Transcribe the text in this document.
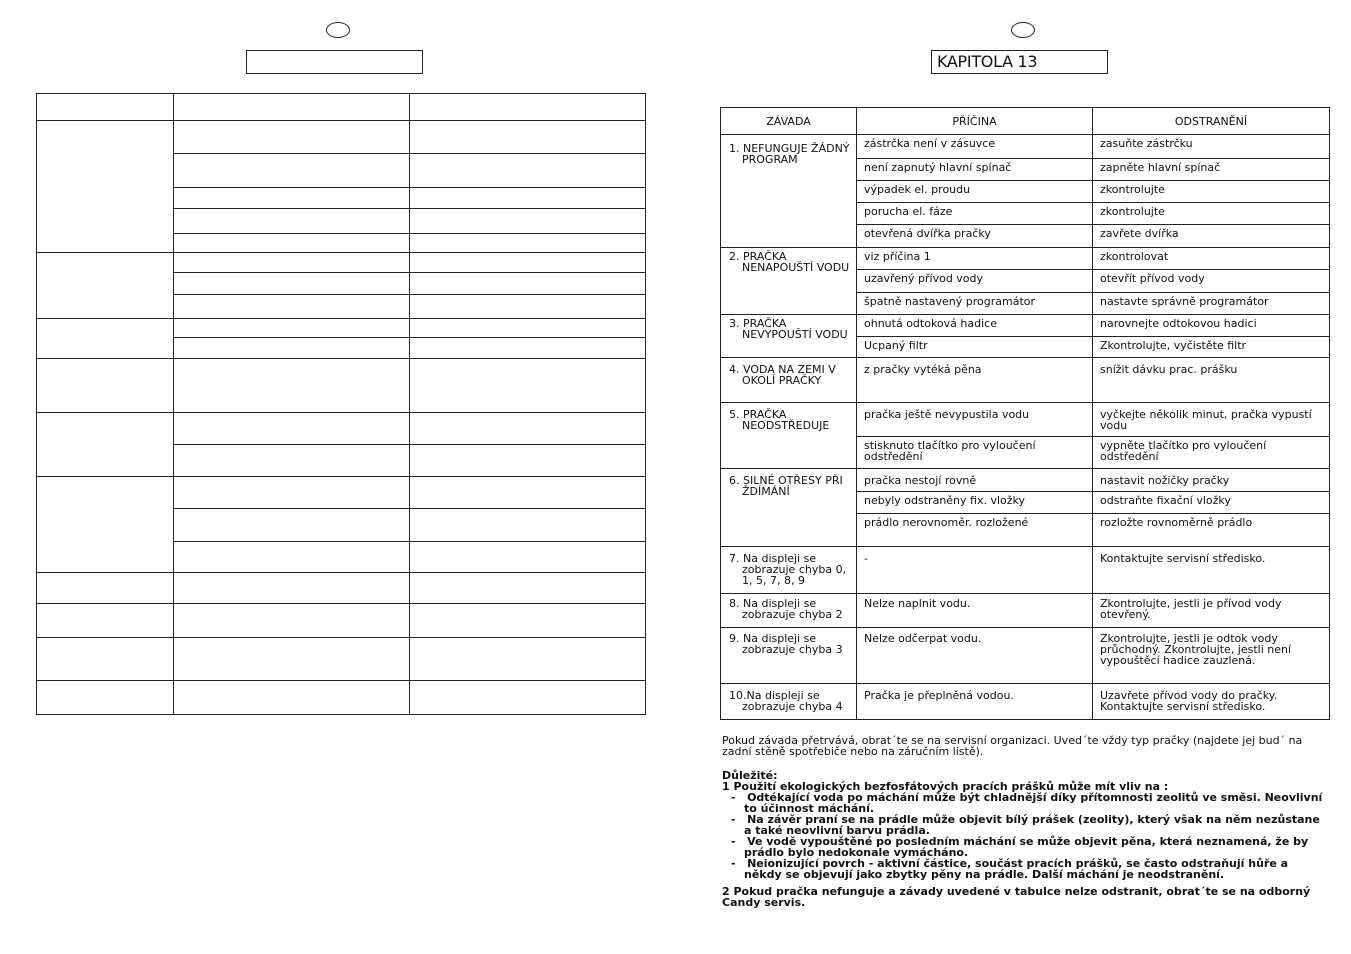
KAPITOLA 13
ZÁVADA	PŘÍČINA	ODSTRANĚNÍ

1. NEFUNGUJE ŽÁDNÝ PROGRAM	zástrčka není v zásuvce	zasuňte zástrčku
	není zapnutý hlavní spínač	zapněte hlavní spínač
	výpadek el. proudu	zkontrolujte
	porucha el. fáze	zkontrolujte
	otevřená dvířka pračky	zavřete dvířka

2. PRAČKA NENAPOUŠTÍ VODU	viz příčina 1	zkontrolovat
	uzavřený přívod vody	otevřít přívod vody
	špatně nastavený programátor	nastavte správně programátor

3. PRAČKA NEVYPOUŠTÍ VODU	ohnutá odtoková hadice	narovnejte odtokovou hadici
	Ucpaný filtr	Zkontrolujte, vyčistěte filtr

4. VODA NA ZEMI V OKOLÍ PRAČKY	z pračky vytéká pěna	snížit dávku prac. prášku

5. PRAČKA NEODSTŘEDUJE	pračka ještě nevypustila vodu	vyčkejte několik minut, pračka vypustí vodu
	stisknuto tlačítko pro vyloučení odstředění	vypněte tlačítko pro vyloučení odstředění

6. SILNÉ OTŘESY PŘI ŽDÍMÁNÍ	pračka nestojí rovně	nastavit nožičky pračky
	nebyly odstraněny fix. vložky	odstraňte fixační vložky
	prádlo nerovnoměr. rozložené	rozložte rovnoměrně prádlo

7. Na displeji se zobrazuje chyba 0, 1, 5, 7, 8, 9	-	Kontaktujte servisní středisko.

8. Na displeji se zobrazuje chyba 2	Nelze naplnit vodu.	Zkontrolujte, jestli je přívod vody otevřený.

9. Na displeji se zobrazuje chyba 3	Nelze odčerpat vodu.	Zkontrolujte, jestli je odtok vody průchodný. Zkontrolujte, jestli není vypouštěcí hadice zauzlená.

10.Na displeji se zobrazuje chyba 4	Pračka je přeplněná vodou.	Uzavřete přívod vody do pračky. Kontaktujte servisní středisko.
Pokud závada přetrvává, obrat´te se na servisní organizaci. Uved´te vždy typ pračky (najdete jej bud´ na zadní stěně spotřebiče nebo na záručním listě).
Důležité:
1 Použití ekologických bezfosfátových pracích prášků může mít vliv na :
-   Odtékající voda po máchání může být chladnější díky přítomnosti zeolitů ve směsi. Neovlivní to účinnost máchání.
-   Na závěr praní se na prádle může objevit bílý prášek (zeolity), který však na něm nezůstane a také neovlivní barvu prádla.
-   Ve vodě vypouštěné po posledním máchání se může objevit pěna, která neznamená, že by prádlo bylo nedokonale vymácháno.
-   Neionizující povrch - aktivní částice, součást pracích prášků, se často odstraňují hůře a někdy se objevují jako zbytky pěny na prádle. Další máchání je neodstranění.
2 Pokud pračka nefunguje a závady uvedené v tabulce nelze odstranit, obrat´te se na odborný Candy servis.
